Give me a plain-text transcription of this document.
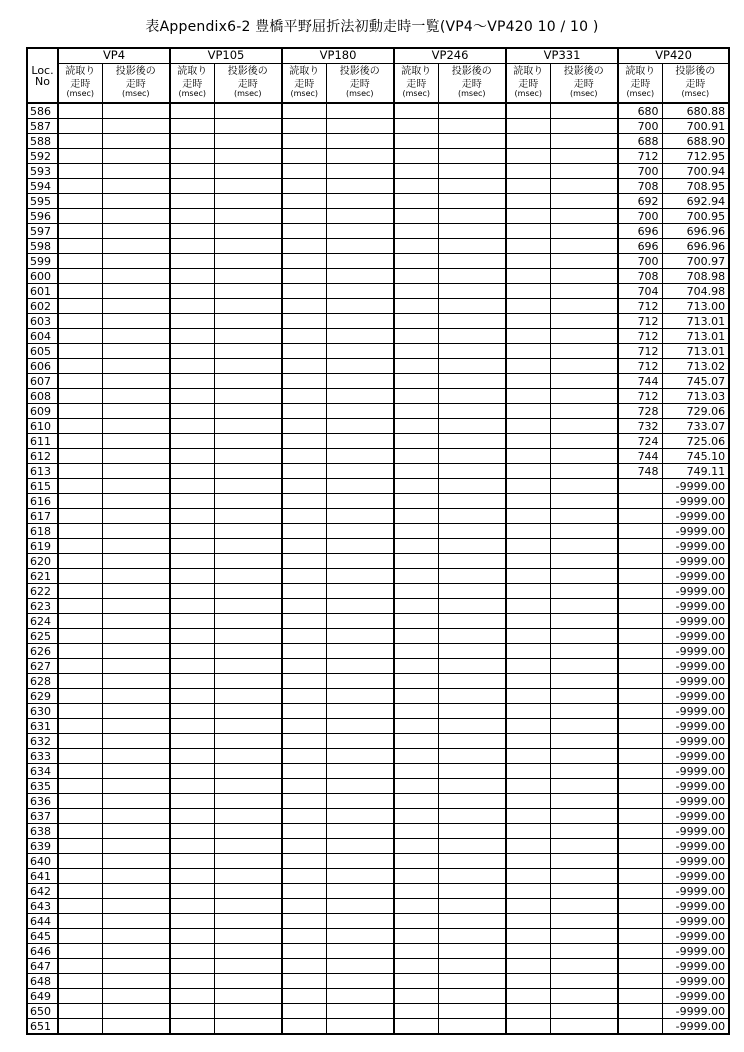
表Appendix6-2 豊橋平野屈折法初動走時一覧(VP4～VP420 10 / 10 )
Loc.
No	VP4		VP105		VP180		VP246		VP331		VP420	
	読取り	投影後の	読取り	投影後の	読取り	投影後の	読取り	投影後の	読取り	投影後の	読取り	投影後の
	走時	走時	走時	走時	走時	走時	走時	走時	走時	走時	走時	走時
	(msec)	(msec)	(msec)	(msec)	(msec)	(msec)	(msec)	(msec)	(msec)	(msec)	(msec)	(msec)
586											680	680.88
587											700	700.91
588											688	688.90
592											712	712.95
593											700	700.94
594											708	708.95
595											692	692.94
596											700	700.95
597											696	696.96
598											696	696.96
599											700	700.97
600											708	708.98
601											704	704.98
602											712	713.00
603											712	713.01
604											712	713.01
605											712	713.01
606											712	713.02
607											744	745.07
608											712	713.03
609											728	729.06
610											732	733.07
611											724	725.06
612											744	745.10
613											748	749.11
615												-9999.00
616												-9999.00
617												-9999.00
618												-9999.00
619												-9999.00
620												-9999.00
621												-9999.00
622												-9999.00
623												-9999.00
624												-9999.00
625												-9999.00
626												-9999.00
627												-9999.00
628												-9999.00
629												-9999.00
630												-9999.00
631												-9999.00
632												-9999.00
633												-9999.00
634												-9999.00
635												-9999.00
636												-9999.00
637												-9999.00
638												-9999.00
639												-9999.00
640												-9999.00
641												-9999.00
642												-9999.00
643												-9999.00
644												-9999.00
645												-9999.00
646												-9999.00
647												-9999.00
648												-9999.00
649												-9999.00
650												-9999.00
651												-9999.00
